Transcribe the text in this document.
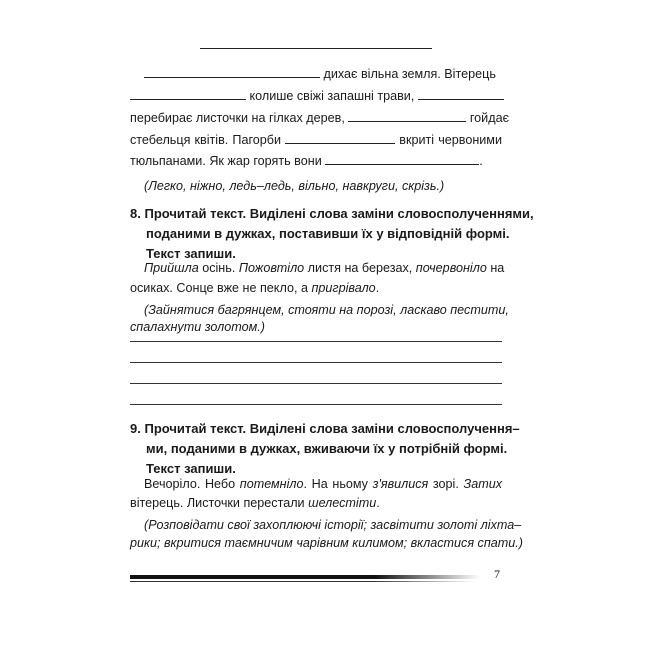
дихає вільна земля. Вітерець
колише свіжі запашні трави,
перебирає листочки на гілках дерев,	гойдає
стебельця квітів. Пагорби	вкриті червоними
тюльпанами. Як жар горять вони	.
(Легко, ніжно, ледь–ледь, вільно, навкруги, скрізь.)
8. Прочитай текст. Виділені слова заміни словосполученнями,
поданими в дужках, поставивши їх у відповідній формі.
Текст запиши.
Прийшла осінь. Пожовтіло листя на березах, почервоніло на
осиках. Сонце вже не пекло, а пригрівало.
(Зайнятися багрянцем, стояти на порозі, ласкаво пестити,
спалахнути золотом.)
9. Прочитай текст. Виділені слова заміни словосполучення–
ми, поданими в дужках, вживаючи їх у потрібній формі.
Текст запиши.
Вечоріло. Небо потемніло. На ньому з'явилися зорі. Затих
вітерець. Листочки перестали шелестіти.
(Розповідати свої захоплюючі історії; засвітити золоті ліхта–
рики; вкритися таємничим чарівним килимом; вкластися спати.)
7
